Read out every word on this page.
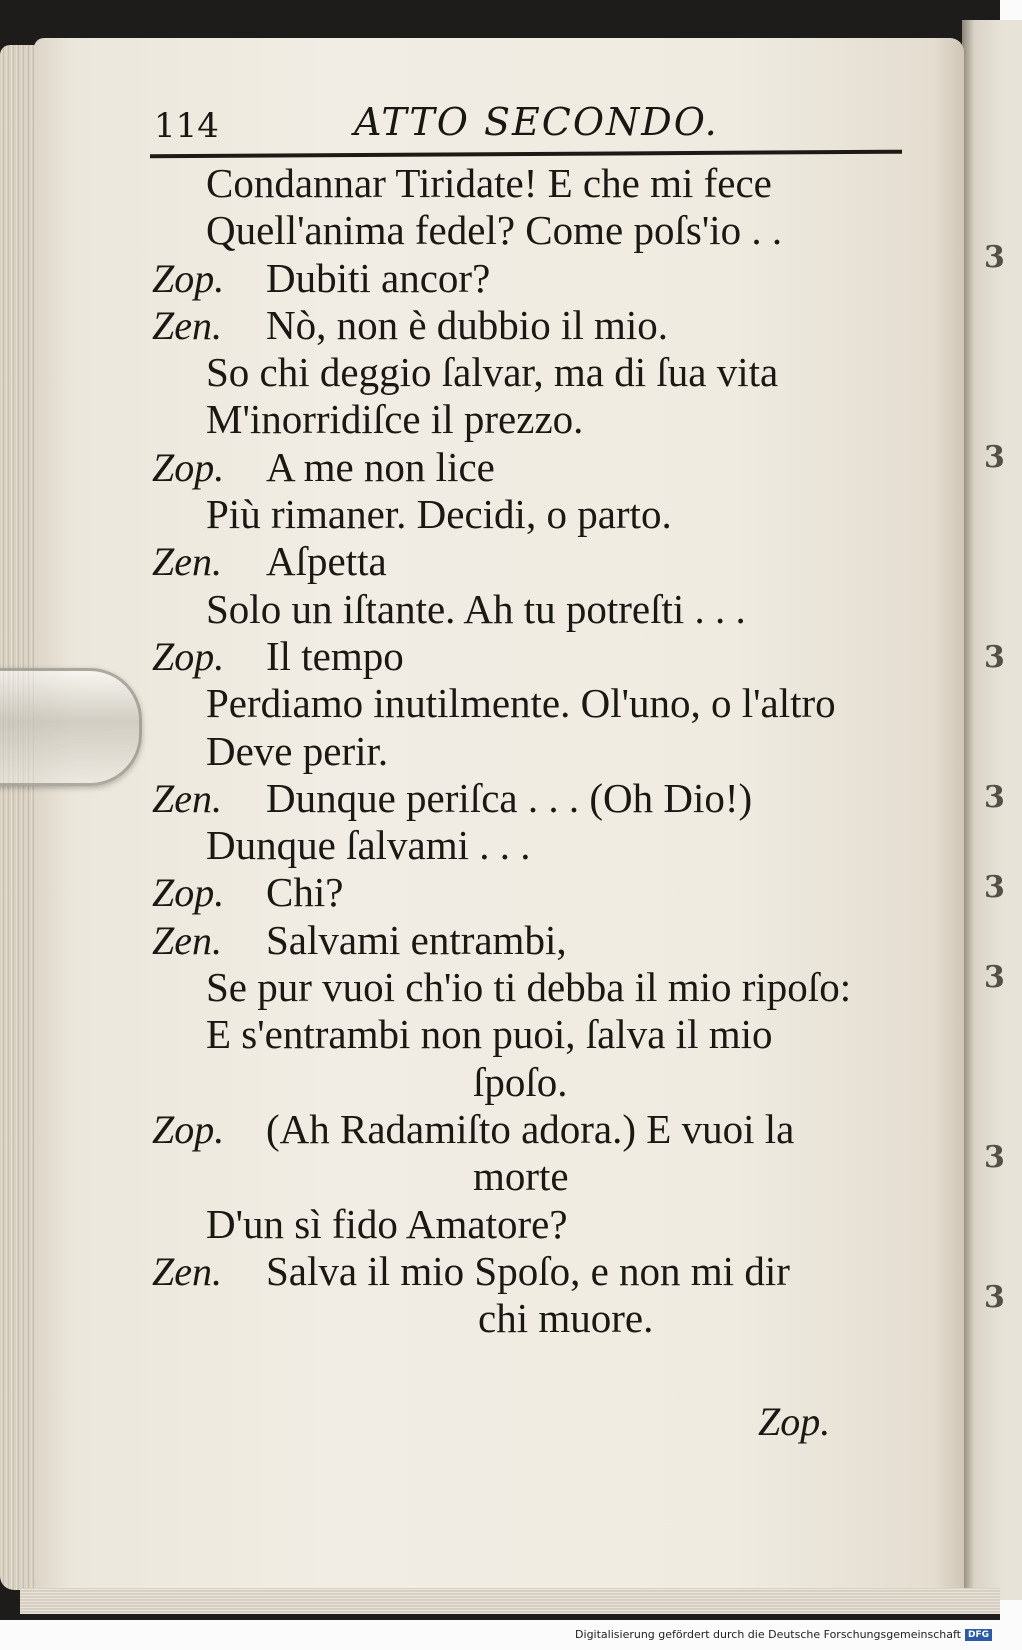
3
3
3
3
3
3
3
3
114	ATTO SECONDO.
Condannar Tiridate! E che mi fece
Quell'anima fedel? Come poſs'io . .
Zop. Dubiti ancor?
Zen. Nò, non è dubbio il mio.
So chi deggio ſalvar, ma di ſua vita
M'inorridiſce il prezzo.
Zop. A me non lice
Più rimaner. Decidi, o parto.
Zen. Aſpetta
Solo un iſtante. Ah tu potreſti . . .
Zop. Il tempo
Perdiamo inutilmente. Ol'uno, o l'altro
Deve perir.
Zen. Dunque periſca . . . (Oh Dio!)
Dunque ſalvami . . .
Zop. Chi?
Zen. Salvami entrambi,
Se pur vuoi ch'io ti debba il mio ripoſo:
E s'entrambi non puoi, ſalva il mio
ſpoſo.
Zop. (Ah Radamiſto adora.) E vuoi la
morte
D'un sì fido Amatore?
Zen. Salva il mio Spoſo, e non mi dir
chi muore.
Zop.
Digitalisierung gefördert durch die Deutsche Forschungsgemeinschaft DFG
